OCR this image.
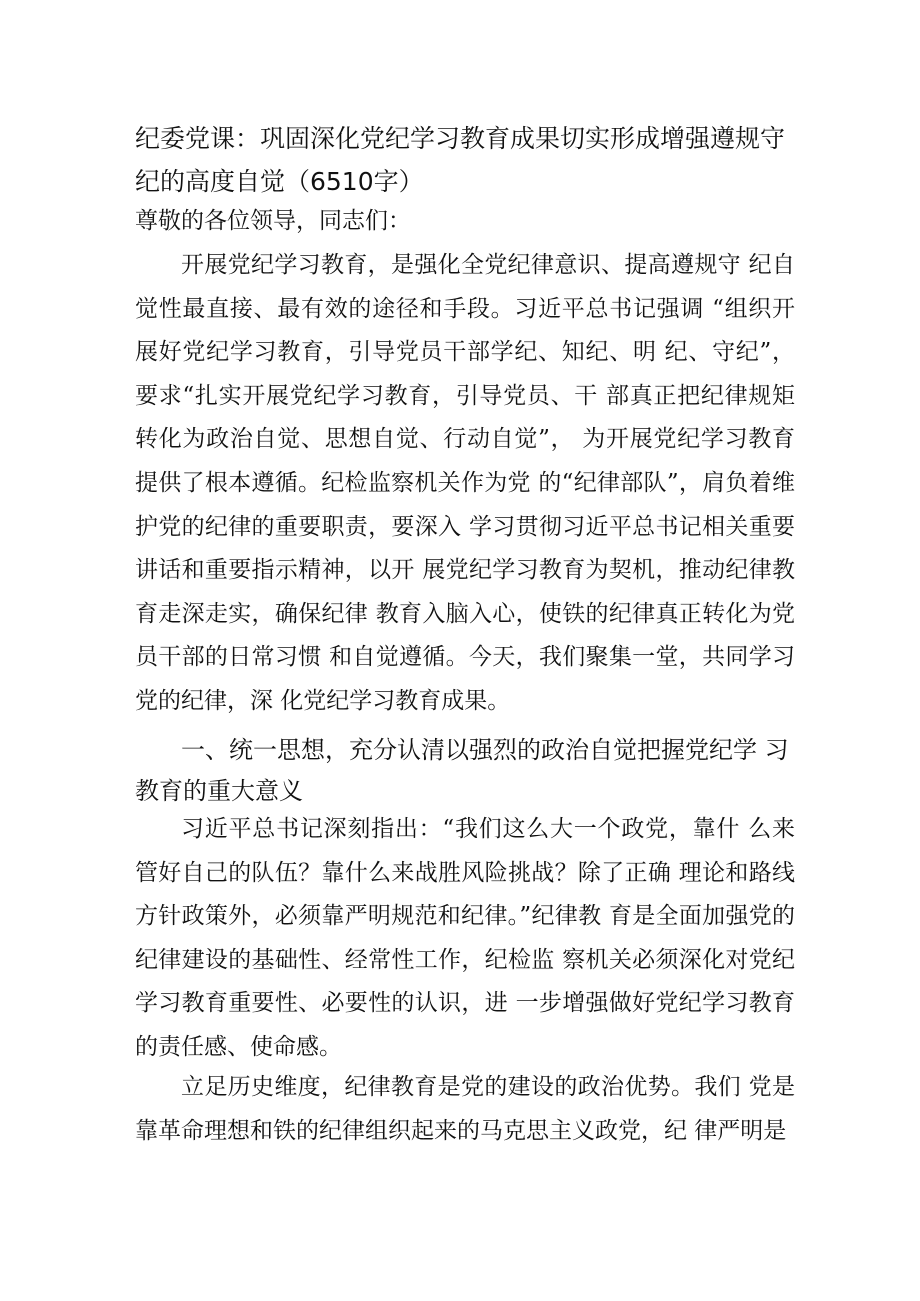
纪委党课：巩固深化党纪学习教育成果切实形成增强遵规守 纪的高度自觉（6510字）
尊敬的各位领导，同志们：

开展党纪学习教育，是强化全党纪律意识、提高遵规守 纪自觉性最直接、最有效的途径和手段。习近平总书记强调 “组织开展好党纪学习教育，引导党员干部学纪、知纪、明 纪、守纪”，要求“扎实开展党纪学习教育，引导党员、干 部真正把纪律规矩转化为政治自觉、思想自觉、行动自觉”， 为开展党纪学习教育提供了根本遵循。纪检监察机关作为党 的“纪律部队”，肩负着维护党的纪律的重要职责，要深入 学习贯彻习近平总书记相关重要讲话和重要指示精神，以开 展党纪学习教育为契机，推动纪律教育走深走实，确保纪律 教育入脑入心，使铁的纪律真正转化为党员干部的日常习惯 和自觉遵循。今天，我们聚集一堂，共同学习党的纪律，深 化党纪学习教育成果。

一、统一思想，充分认清以强烈的政治自觉把握党纪学 习教育的重大意义

习近平总书记深刻指出：“我们这么大一个政党，靠什 么来管好自己的队伍？靠什么来战胜风险挑战？除了正确 理论和路线方针政策外，必须靠严明规范和纪律。”纪律教 育是全面加强党的纪律建设的基础性、经常性工作，纪检监 察机关必须深化对党纪学习教育重要性、必要性的认识，进 一步增强做好党纪学习教育的责任感、使命感。

立足历史维度，纪律教育是党的建设的政治优势。我们 党是靠革命理想和铁的纪律组织起来的马克思主义政党，纪 律严明是
